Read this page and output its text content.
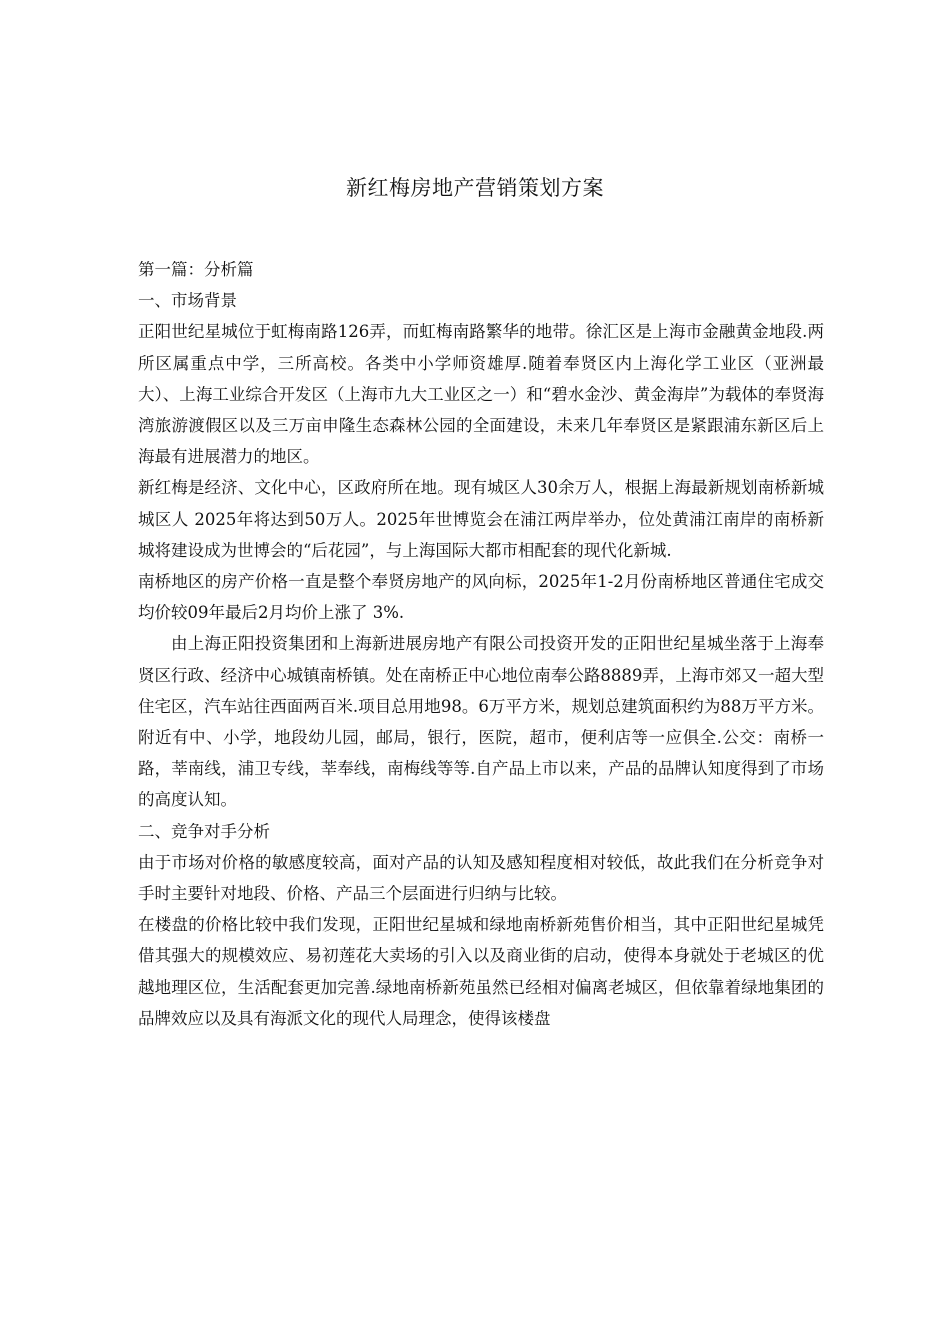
新红梅房地产营销策划方案

第一篇：分析篇

一、市场背景

正阳世纪星城位于虹梅南路126弄，而虹梅南路繁华的地带。徐汇区是上海市金融黄金地段.两所区属重点中学，三所高校。各类中小学师资雄厚.随着奉贤区内上海化学工业区（亚洲最大）、上海工业综合开发区（上海市九大工业区之一）和“碧水金沙、黄金海岸”为载体的奉贤海湾旅游渡假区以及三万亩申隆生态森林公园的全面建设，未来几年奉贤区是紧跟浦东新区后上海最有进展潜力的地区。

新红梅是经济、文化中心，区政府所在地。现有城区人30余万人，根据上海最新规划南桥新城城区人 2025年将达到50万人。2025年世博览会在浦江两岸举办，位处黄浦江南岸的南桥新城将建设成为世博会的“后花园”，与上海国际大都市相配套的现代化新城.

南桥地区的房产价格一直是整个奉贤房地产的风向标，2025年1-2月份南桥地区普通住宅成交均价较09年最后2月均价上涨了 3%.

由上海正阳投资集团和上海新进展房地产有限公司投资开发的正阳世纪星城坐落于上海奉贤区行政、经济中心城镇南桥镇。处在南桥正中心地位南奉公路8889弄，上海市郊又一超大型住宅区，汽车站往西面两百米.项目总用地98。6万平方米，规划总建筑面积约为88万平方米。附近有中、小学，地段幼儿园，邮局，银行，医院，超市，便利店等一应俱全.公交：南桥一路，莘南线，浦卫专线，莘奉线，南梅线等等.自产品上市以来，产品的品牌认知度得到了市场的高度认知。

二、竞争对手分析

由于市场对价格的敏感度较高，面对产品的认知及感知程度相对较低，故此我们在分析竞争对手时主要针对地段、价格、产品三个层面进行归纳与比较。

在楼盘的价格比较中我们发现，正阳世纪星城和绿地南桥新苑售价相当，其中正阳世纪星城凭借其强大的规模效应、易初莲花大卖场的引入以及商业街的启动，使得本身就处于老城区的优越地理区位，生活配套更加完善.绿地南桥新苑虽然已经相对偏离老城区，但依靠着绿地集团的品牌效应以及具有海派文化的现代人局理念，使得该楼盘
